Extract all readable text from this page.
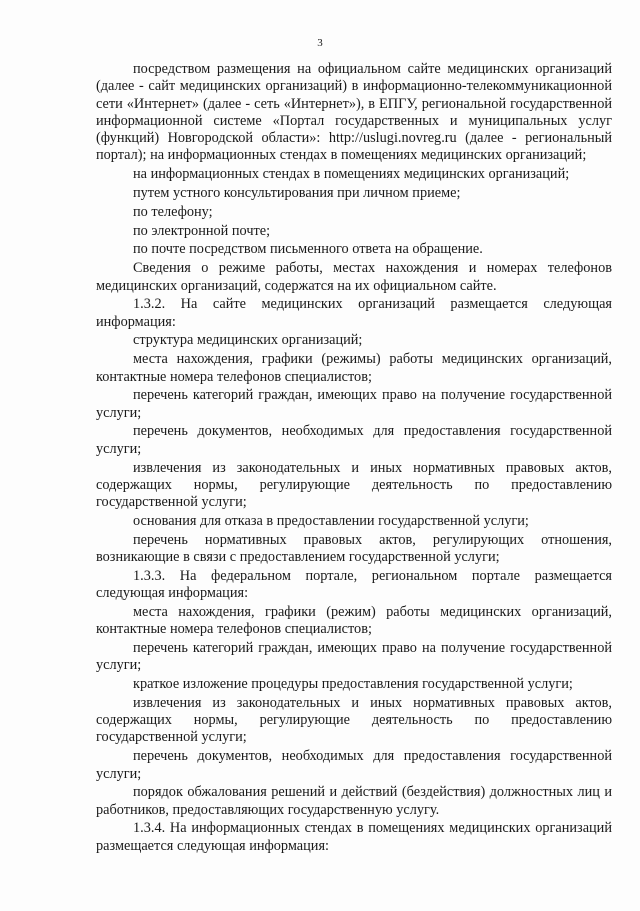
3

посредством размещения на официальном сайте медицинских организаций (далее - сайт медицинских организаций) в информационно-телекоммуникационной сети «Интернет» (далее - сеть «Интернет»), в ЕПГУ, региональной государственной информационной системе «Портал государственных и муниципальных услуг (функций) Новгородской области»: http://uslugi.novreg.ru (далее - региональный портал); на информационных стендах в помещениях медицинских организаций;

на информационных стендах в помещениях медицинских организаций;

путем устного консультирования при личном приеме;

по телефону;

по электронной почте;

по почте посредством письменного ответа на обращение.

Сведения о режиме работы, местах нахождения и номерах телефонов медицинских организаций, содержатся на их официальном сайте.

1.3.2. На сайте медицинских организаций размещается следующая информация:

структура медицинских организаций;

места нахождения, графики (режимы) работы медицинских организаций, контактные номера телефонов специалистов;

перечень категорий граждан, имеющих право на получение государственной услуги;

перечень документов, необходимых для предоставления государственной услуги;

извлечения из законодательных и иных нормативных правовых актов, содержащих нормы, регулирующие деятельность по предоставлению государственной услуги;

основания для отказа в предоставлении государственной услуги;

перечень нормативных правовых актов, регулирующих отношения, возникающие в связи с предоставлением государственной услуги;

1.3.3. На федеральном портале, региональном портале размещается следующая информация:

места нахождения, графики (режим) работы медицинских организаций, контактные номера телефонов специалистов;

перечень категорий граждан, имеющих право на получение государственной услуги;

краткое изложение процедуры предоставления государственной услуги;

извлечения из законодательных и иных нормативных правовых актов, содержащих нормы, регулирующие деятельность по предоставлению государственной услуги;

перечень документов, необходимых для предоставления государственной услуги;

порядок обжалования решений и действий (бездействия) должностных лиц и работников, предоставляющих государственную услугу.

1.3.4. На информационных стендах в помещениях медицинских организаций размещается следующая информация:
